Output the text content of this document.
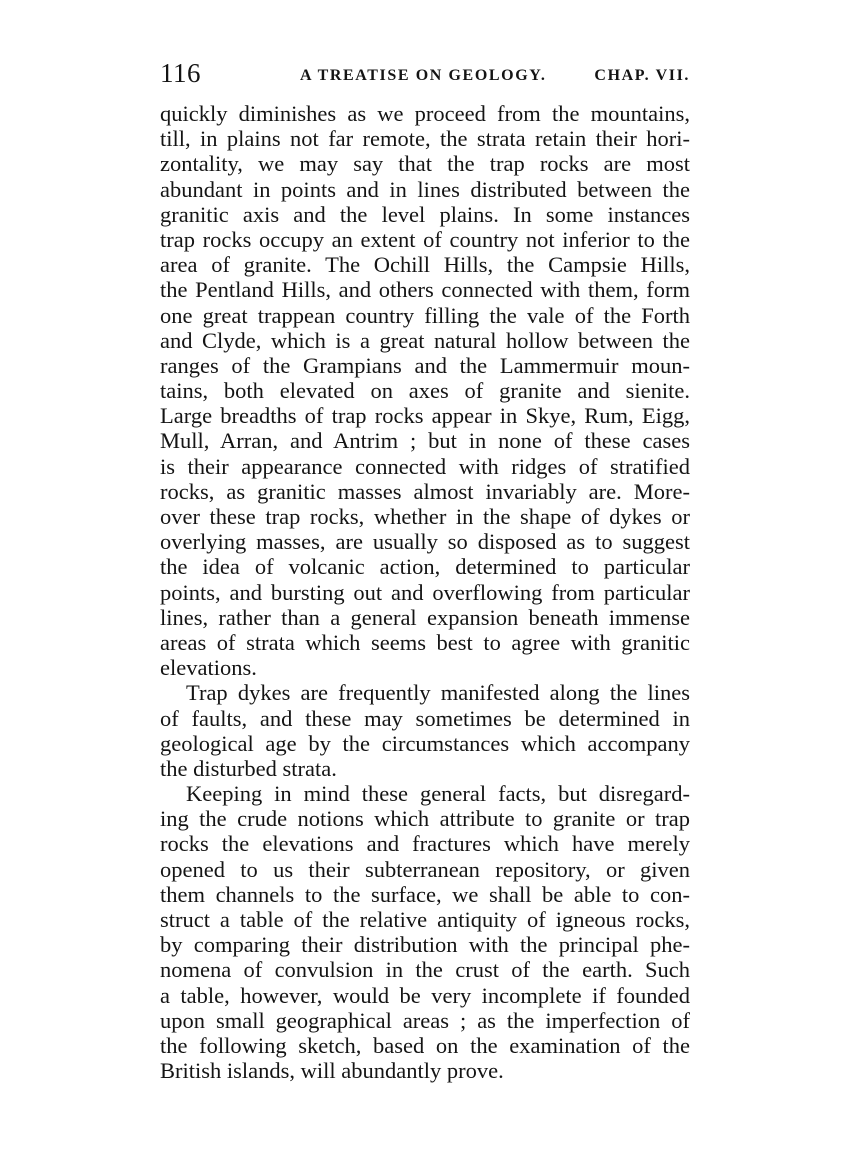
116	A TREATISE ON GEOLOGY.	CHAP. VII.
quickly diminishes as we proceed from the mountains,
till, in plains not far remote, the strata retain their hori-
zontality, we may say that the trap rocks are most
abundant in points and in lines distributed between the
granitic axis and the level plains. In some instances
trap rocks occupy an extent of country not inferior to the
area of granite. The Ochill Hills, the Campsie Hills,
the Pentland Hills, and others connected with them, form
one great trappean country filling the vale of the Forth
and Clyde, which is a great natural hollow between the
ranges of the Grampians and the Lammermuir moun-
tains, both elevated on axes of granite and sienite.
Large breadths of trap rocks appear in Skye, Rum, Eigg,
Mull, Arran, and Antrim ; but in none of these cases
is their appearance connected with ridges of stratified
rocks, as granitic masses almost invariably are. More-
over these trap rocks, whether in the shape of dykes or
overlying masses, are usually so disposed as to suggest
the idea of volcanic action, determined to particular
points, and bursting out and overflowing from particular
lines, rather than a general expansion beneath immense
areas of strata which seems best to agree with granitic
elevations.
Trap dykes are frequently manifested along the lines
of faults, and these may sometimes be determined in
geological age by the circumstances which accompany
the disturbed strata.
Keeping in mind these general facts, but disregard-
ing the crude notions which attribute to granite or trap
rocks the elevations and fractures which have merely
opened to us their subterranean repository, or given
them channels to the surface, we shall be able to con-
struct a table of the relative antiquity of igneous rocks,
by comparing their distribution with the principal phe-
nomena of convulsion in the crust of the earth. Such
a table, however, would be very incomplete if founded
upon small geographical areas ; as the imperfection of
the following sketch, based on the examination of the
British islands, will abundantly prove.
